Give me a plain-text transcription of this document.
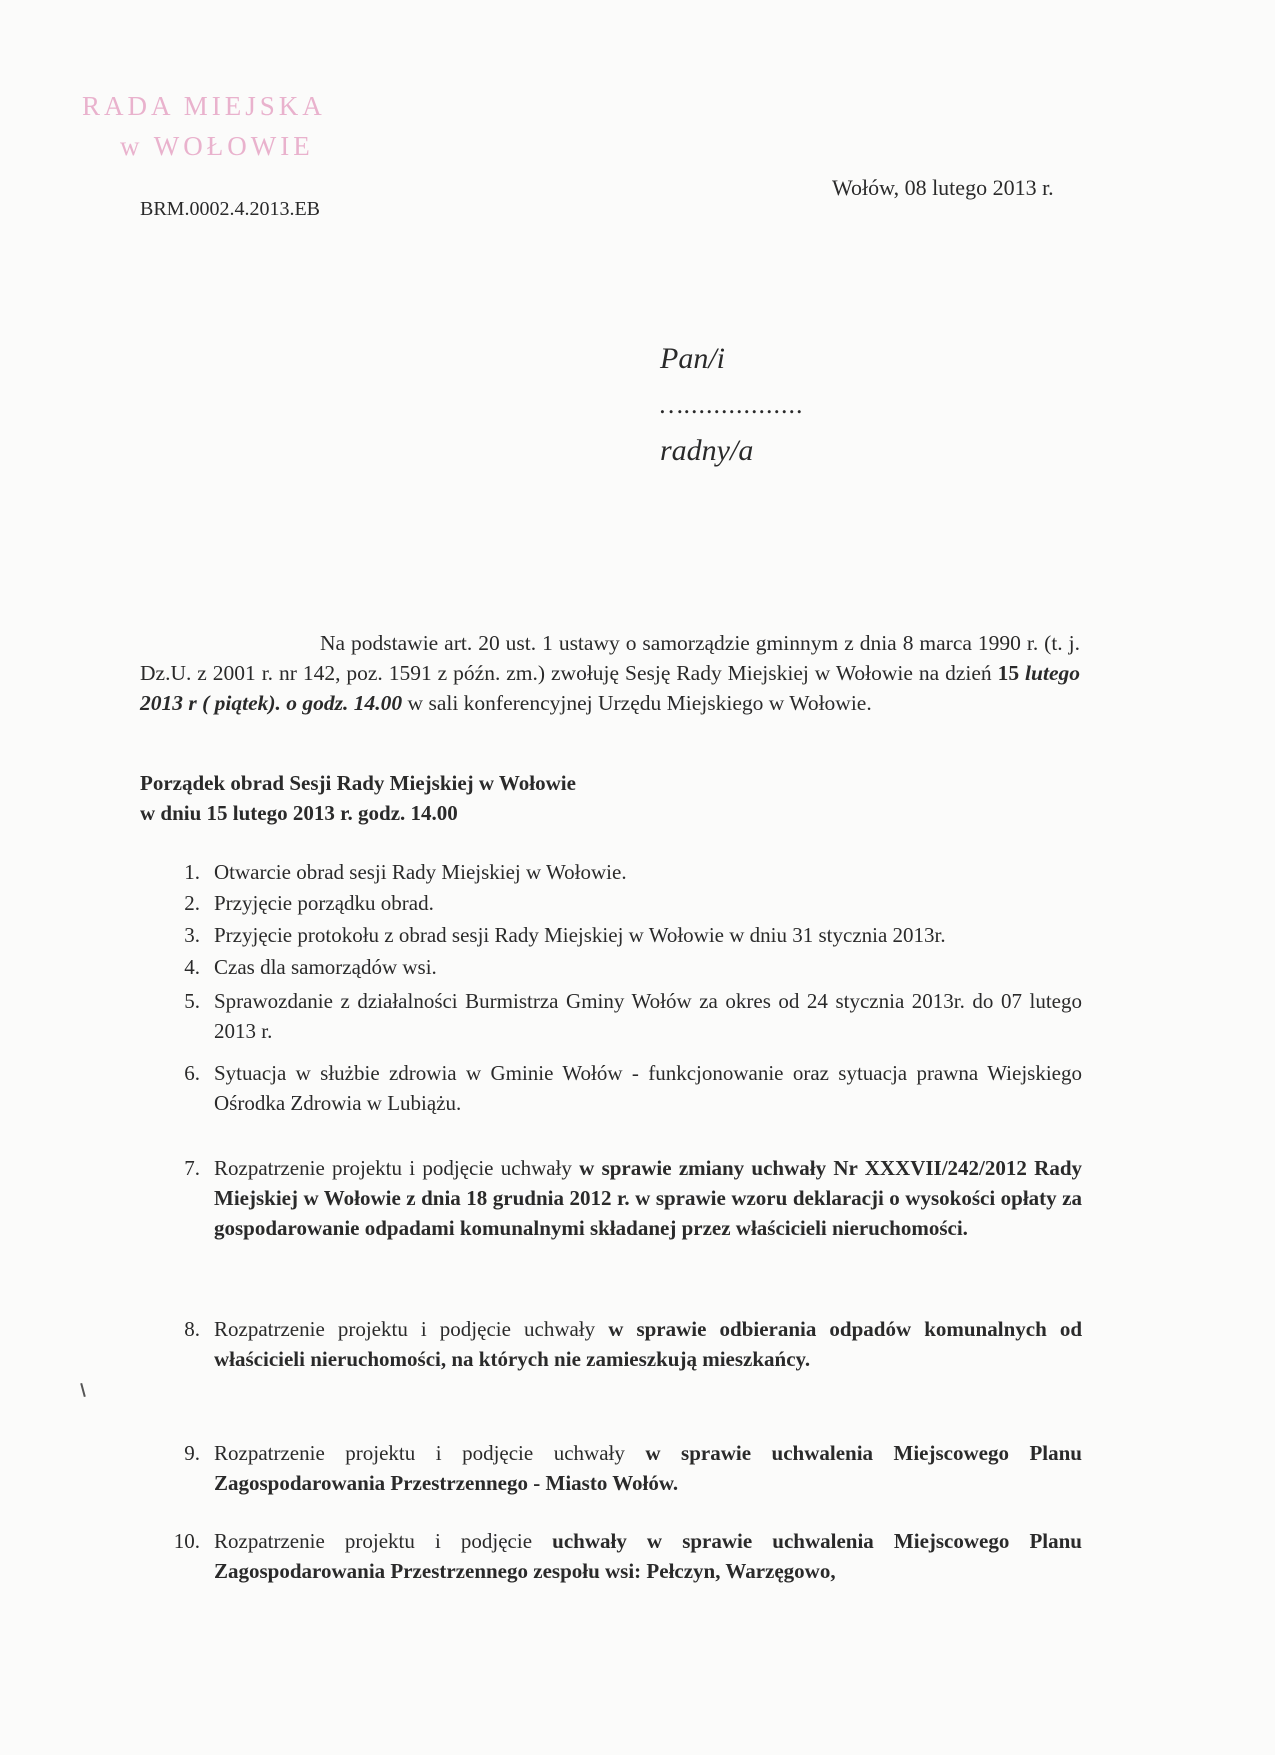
RADA MIEJSKA
w WOŁOWIE
BRM.0002.4.2013.EB
Wołów, 08 lutego 2013 r.
Pan/i
…................
radny/a
Na podstawie art. 20 ust. 1 ustawy o samorządzie gminnym z dnia 8 marca 1990 r. (t. j. Dz.U. z 2001 r. nr 142, poz. 1591 z późn. zm.) zwołuję Sesję Rady Miejskiej w Wołowie na dzień 15 lutego 2013 r ( piątek). o godz. 14.00 w sali konferencyjnej Urzędu Miejskiego w Wołowie.
Porządek obrad Sesji Rady Miejskiej w Wołowie
w dniu 15 lutego 2013 r. godz. 14.00
1. Otwarcie obrad sesji Rady Miejskiej w Wołowie.
2. Przyjęcie porządku obrad.
3. Przyjęcie protokołu z obrad sesji Rady Miejskiej w Wołowie w dniu 31 stycznia 2013r.
4. Czas dla samorządów wsi.
5. Sprawozdanie z działalności Burmistrza Gminy Wołów za okres od 24 stycznia 2013r. do 07 lutego 2013 r.
6. Sytuacja w służbie zdrowia w Gminie Wołów - funkcjonowanie oraz sytuacja prawna Wiejskiego Ośrodka Zdrowia w Lubiążu.
7. Rozpatrzenie projektu i podjęcie uchwały w sprawie zmiany uchwały Nr XXXVII/242/2012 Rady Miejskiej w Wołowie z dnia 18 grudnia 2012 r. w sprawie wzoru deklaracji o wysokości opłaty za gospodarowanie odpadami komunalnymi składanej przez właścicieli nieruchomości.
8. Rozpatrzenie projektu i podjęcie uchwały w sprawie odbierania odpadów komunalnych od właścicieli nieruchomości, na których nie zamieszkują mieszkańcy.
9. Rozpatrzenie projektu i podjęcie uchwały w sprawie uchwalenia Miejscowego Planu Zagospodarowania Przestrzennego - Miasto Wołów.
10. Rozpatrzenie projektu i podjęcie uchwały w sprawie uchwalenia Miejscowego Planu Zagospodarowania Przestrzennego zespołu wsi: Pełczyn, Warzęgowo,
